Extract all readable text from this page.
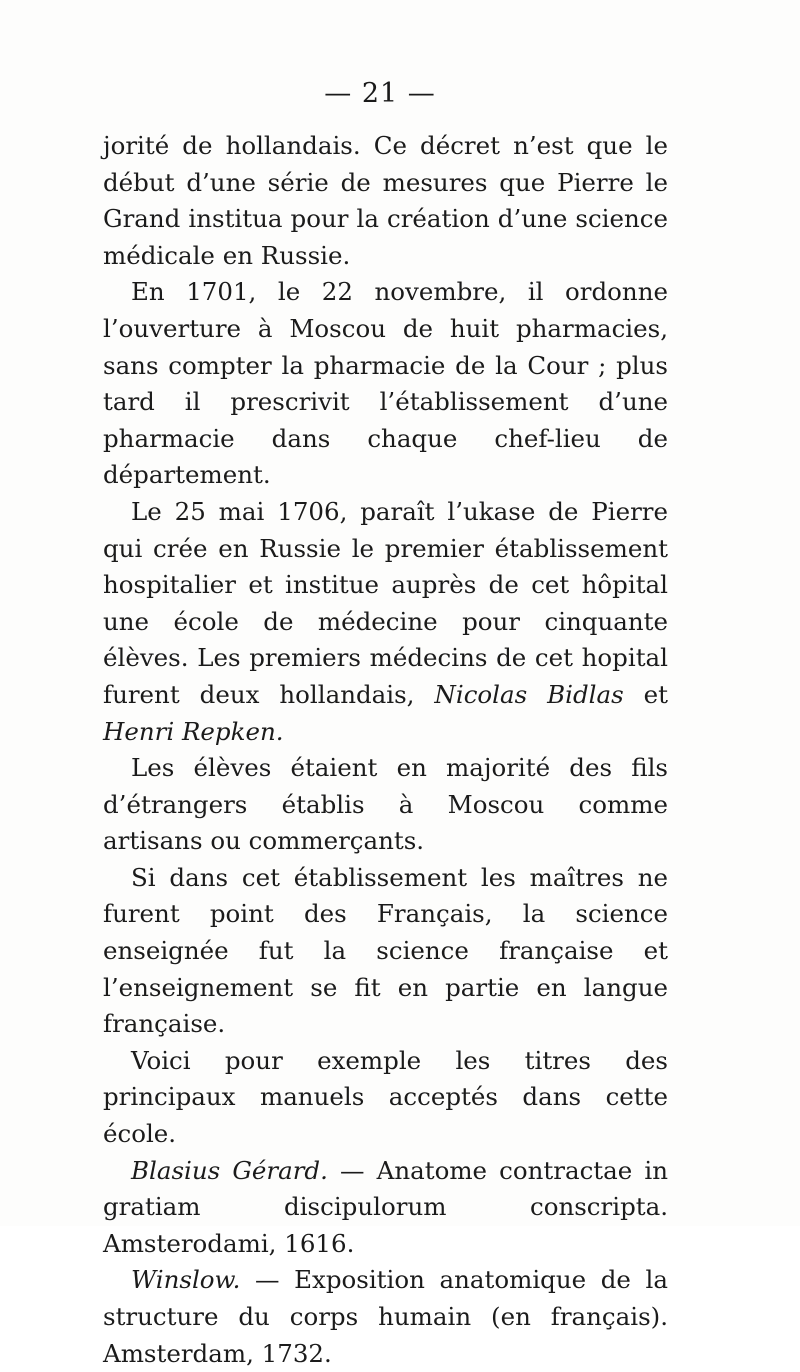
— 21 —

jorité de hollandais. Ce décret n’est que le début d’une série de mesures que Pierre le Grand institua pour la création d’une science médicale en Russie.

En 1701, le 22 novembre, il ordonne l’ouverture à Moscou de huit pharmacies, sans compter la pharmacie de la Cour ; plus tard il prescrivit l’établissement d’une pharmacie dans chaque chef-lieu de département.

Le 25 mai 1706, paraît l’ukase de Pierre qui crée en Russie le premier établissement hospitalier et institue auprès de cet hôpital une école de médecine pour cinquante élèves. Les premiers médecins de cet hopital furent deux hollandais, Nicolas Bidlas et Henri Repken.

Les élèves étaient en majorité des fils d’étrangers établis à Moscou comme artisans ou commerçants.

Si dans cet établissement les maîtres ne furent point des Français, la science enseignée fut la science française et l’enseignement se fit en partie en langue française.

Voici pour exemple les titres des principaux manuels acceptés dans cette école.

Blasius Gérard. — Anatome contractae in gratiam discipulorum conscripta. Amsterodami, 1616.

Winslow. — Exposition anatomique de la structure du corps humain (en français). Amsterdam, 1732.
